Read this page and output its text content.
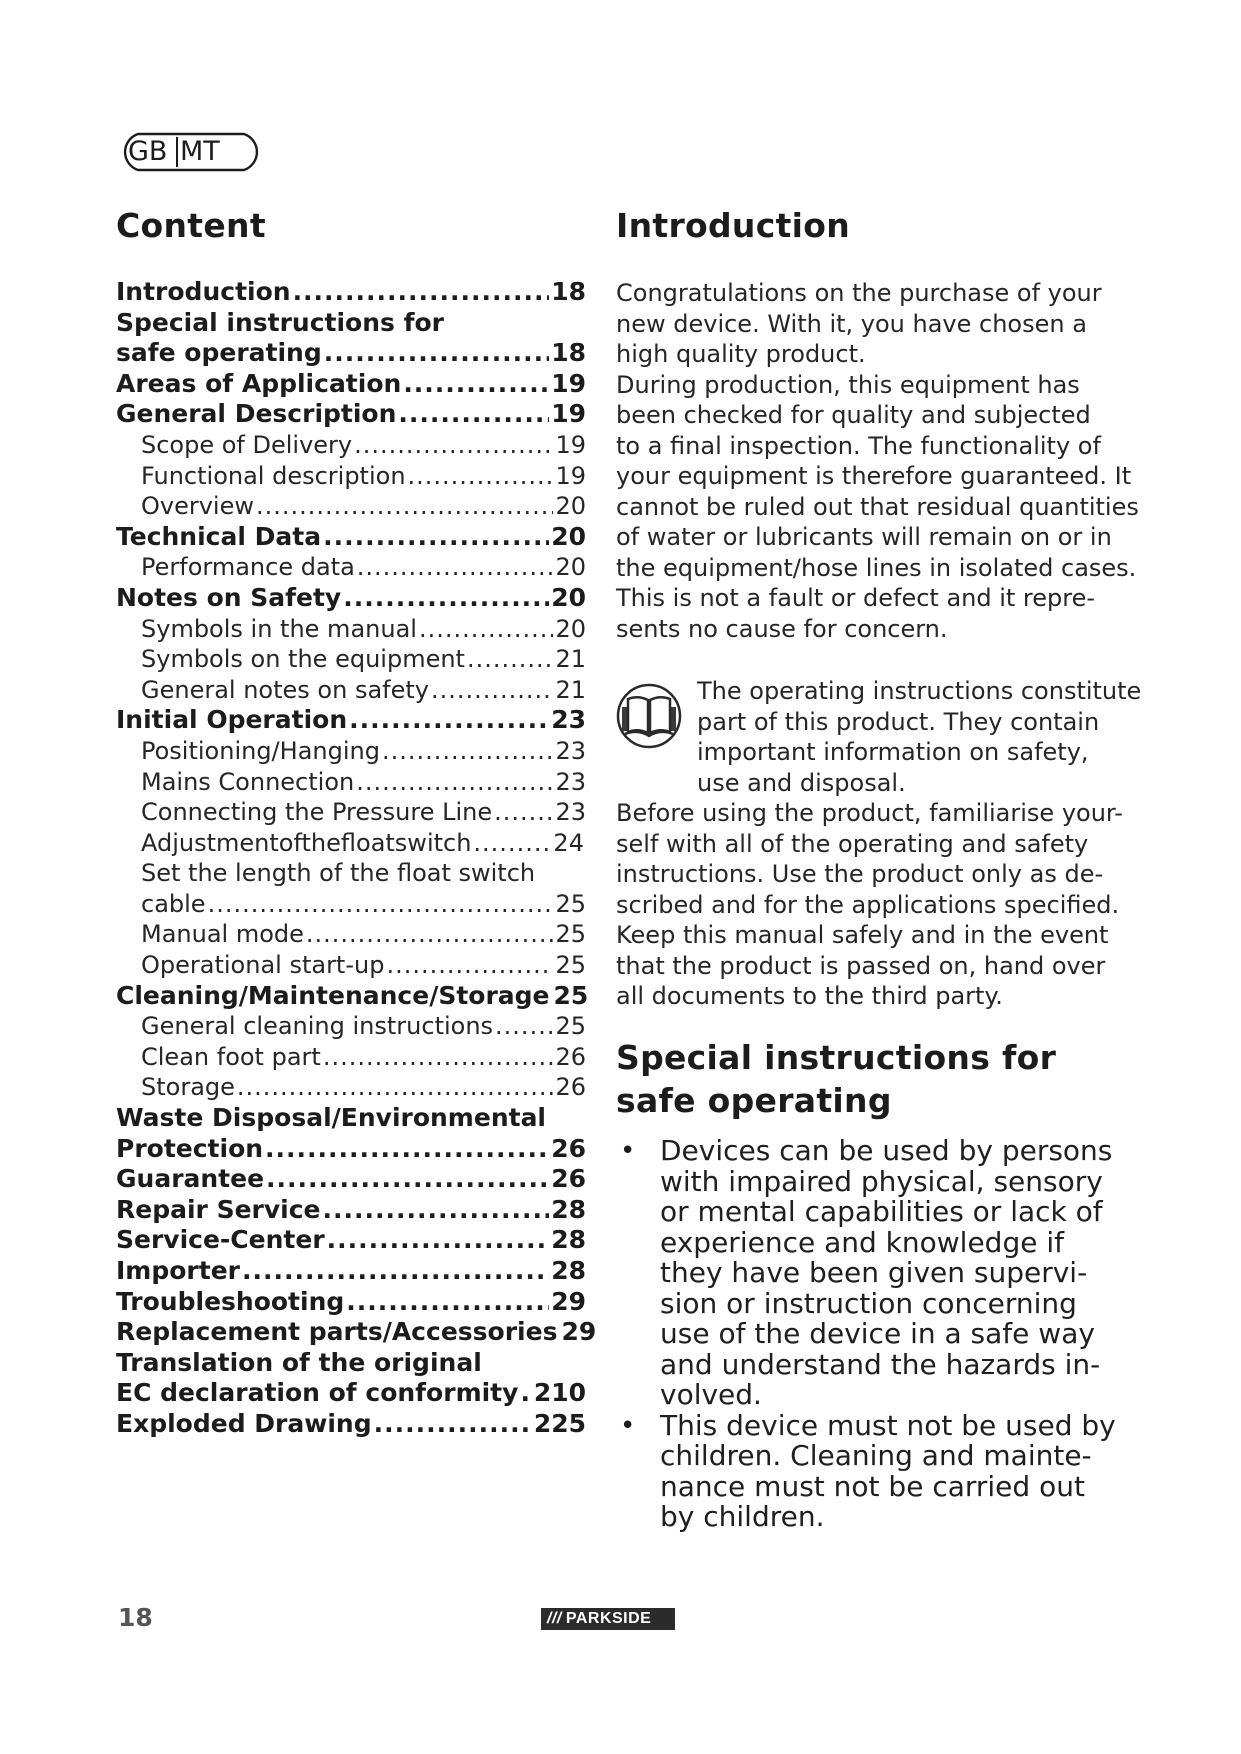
GB MT
Content
Introduction .....	18
Special instructions for
safe operating .....	18
Areas of Application .....	19
General Description .....	19
Scope of Delivery .....	19
Functional description .....	19
Overview .....	20
Technical Data .....	20
Performance data .....	20
Notes on Safety .....	20
Symbols in the manual .....	20
Symbols on the equipment .....	21
General notes on safety .....	21
Initial Operation .....	23
Positioning/Hanging .....	23
Mains Connection .....	23
Connecting the Pressure Line .....	23
Adjustmentofthefloatswitch .....	24
Set the length of the float switch
cable .....	25
Manual mode .....	25
Operational start-up .....	25
Cleaning/Maintenance/Storage 25
General cleaning instructions .....	25
Clean foot part .....	26
Storage .....	26
Waste Disposal/Environmental
Protection .....	26
Guarantee .....	26
Repair Service .....	28
Service-Center .....	28
Importer .....	28
Troubleshooting .....	29
Replacement parts/Accessories 29
Translation of the original
EC declaration of conformity ..... 210
Exploded Drawing .....	225
Introduction
Congratulations on the purchase of your
new device. With it, you have chosen a
high quality product.
During production, this equipment has
been checked for quality and subjected
to a final inspection. The functionality of
your equipment is therefore guaranteed. It
cannot be ruled out that residual quantities
of water or lubricants will remain on or in
the equipment/hose lines in isolated cases.
This is not a fault or defect and it repre-
sents no cause for concern.
The operating instructions constitute
part of this product. They contain
important information on safety,
use and disposal.
Before using the product, familiarise your-
self with all of the operating and safety
instructions. Use the product only as de-
scribed and for the applications specified.
Keep this manual safely and in the event
that the product is passed on, hand over
all documents to the third party.
Special instructions for
safe operating
• Devices can be used by persons
with impaired physical, sensory
or mental capabilities or lack of
experience and knowledge if
they have been given supervi-
sion or instruction concerning
use of the device in a safe way
and understand the hazards in-
volved.
• This device must not be used by
children. Cleaning and mainte-
nance must not be carried out
by children.
18	/// PARKSIDE
